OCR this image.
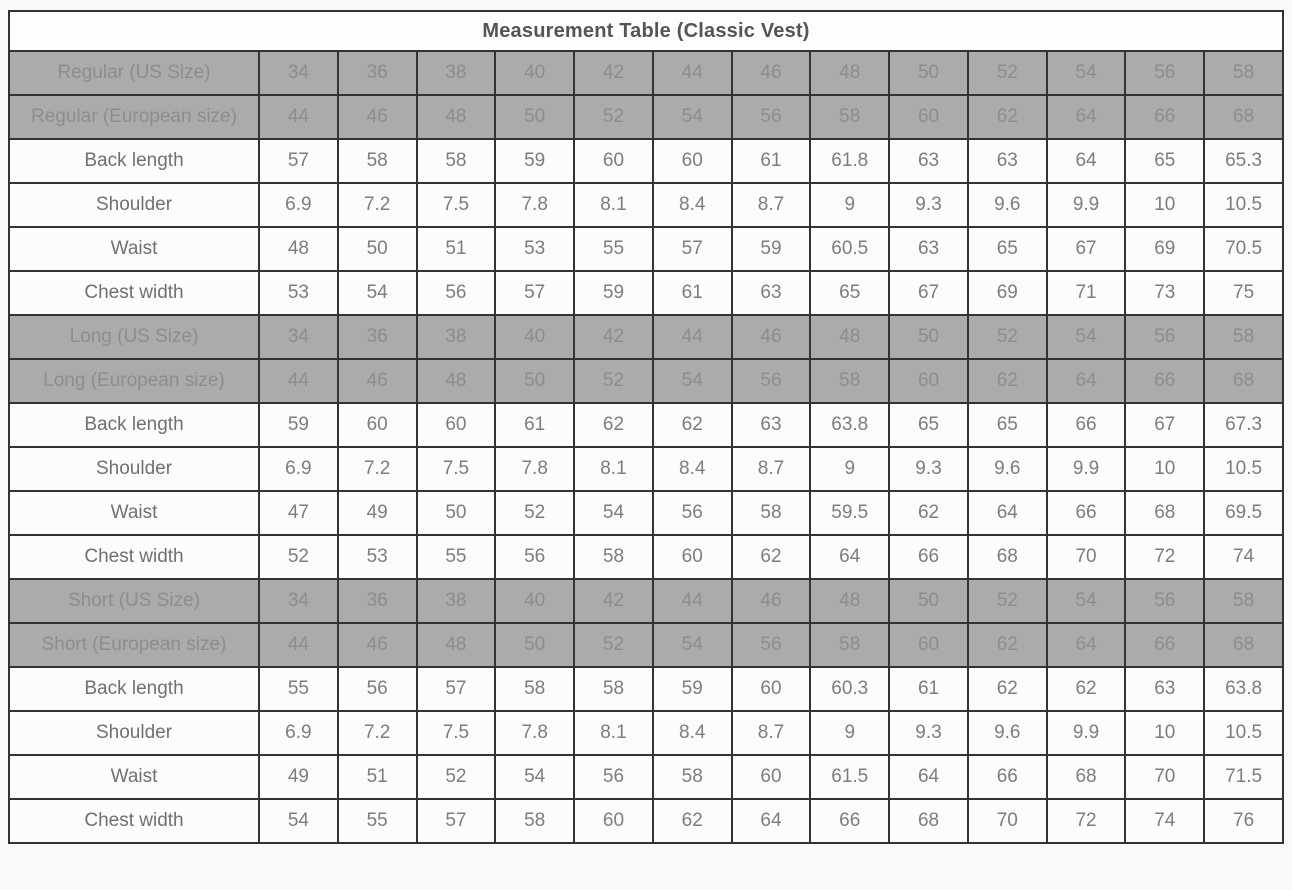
Measurement Table (Classic Vest)													
Regular (US Size)	34	36	38	40	42	44	46	48	50	52	54	56	58
Regular (European size)	44	46	48	50	52	54	56	58	60	62	64	66	68
Back length	57	58	58	59	60	60	61	61.8	63	63	64	65	65.3
Shoulder	6.9	7.2	7.5	7.8	8.1	8.4	8.7	9	9.3	9.6	9.9	10	10.5
Waist	48	50	51	53	55	57	59	60.5	63	65	67	69	70.5
Chest width	53	54	56	57	59	61	63	65	67	69	71	73	75
Long (US Size)	34	36	38	40	42	44	46	48	50	52	54	56	58
Long (European size)	44	46	48	50	52	54	56	58	60	62	64	66	68
Back length	59	60	60	61	62	62	63	63.8	65	65	66	67	67.3
Shoulder	6.9	7.2	7.5	7.8	8.1	8.4	8.7	9	9.3	9.6	9.9	10	10.5
Waist	47	49	50	52	54	56	58	59.5	62	64	66	68	69.5
Chest width	52	53	55	56	58	60	62	64	66	68	70	72	74
Short (US Size)	34	36	38	40	42	44	46	48	50	52	54	56	58
Short (European size)	44	46	48	50	52	54	56	58	60	62	64	66	68
Back length	55	56	57	58	58	59	60	60.3	61	62	62	63	63.8
Shoulder	6.9	7.2	7.5	7.8	8.1	8.4	8.7	9	9.3	9.6	9.9	10	10.5
Waist	49	51	52	54	56	58	60	61.5	64	66	68	70	71.5
Chest width	54	55	57	58	60	62	64	66	68	70	72	74	76
